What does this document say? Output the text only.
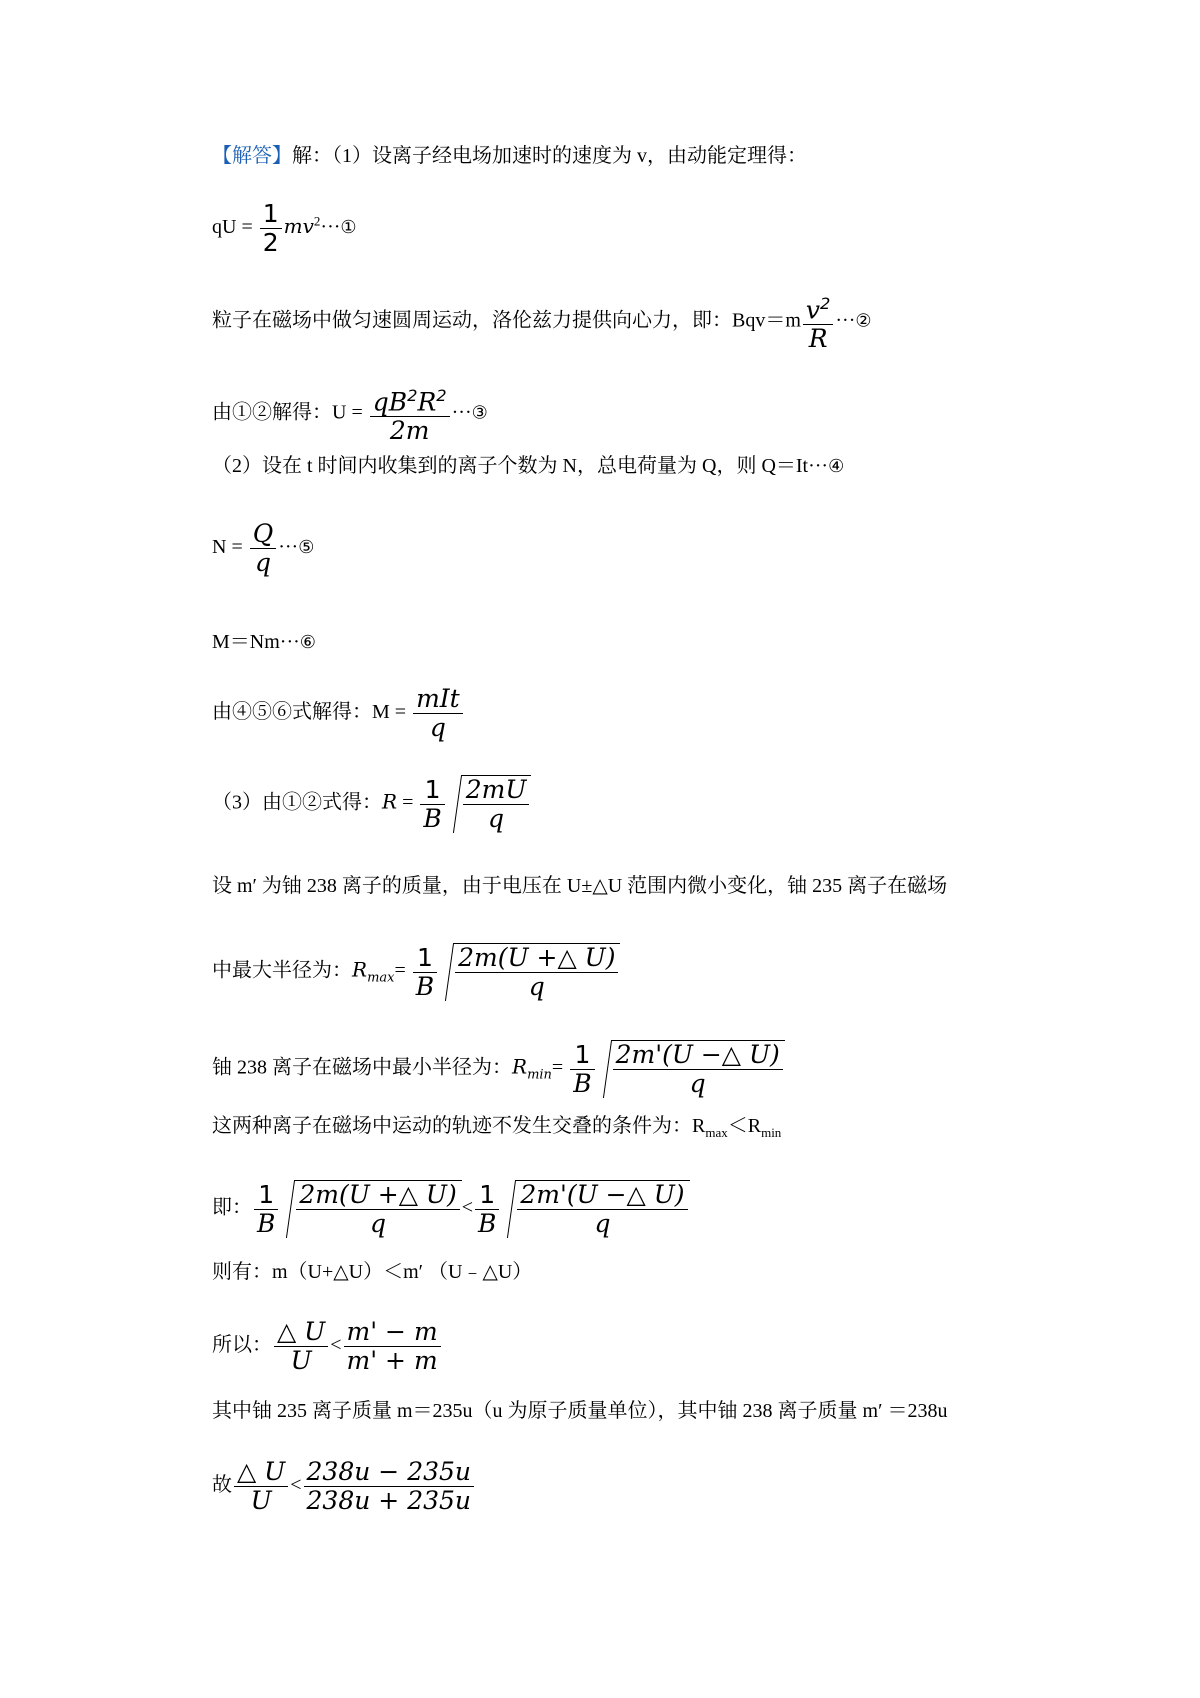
【解答】解：（1）设离子经电场加速时的速度为 v，由动能定理得：
qU = $\frac{1}{2}$ $mv^2\cdot\cdot\cdot ①$
粒子在磁场中做匀速圆周运动，洛伦兹力提供向心力，即：$Bqv=m \frac{v^2}{R}$ ···②
由①②解得：$U = \frac{qB^2R^2}{2m}$ ···③
（2）设在 t 时间内收集到的离子个数为 N，总电荷量为 Q，则 Q＝It···④
$N = \frac{Q}{q}$ ···⑤
M＝Nm···⑥
由④⑤⑥式解得：$M = \frac{\text{mIt}}{q}$
（3）由①②式得：$R = \frac{1}{B} \frac{2mU}{q}$
设 m′ 为铀 238 离子的质量，由于电压在 U±△U 范围内微小变化，铀 235 离子在磁场
中最大半径为：$R_{max}= \frac{1}{B} \frac{2m(U +\triangle U)}{q}$
铀 238 离子在磁场中最小半径为：$R_{min}= \frac{1}{B} \frac{2m'(U -\triangle U)}{q}$
这两种离子在磁场中运动的轨迹不发生交叠的条件为：$R_{max}<R_{min}$
即： $\frac{1}{B} \frac{2m(U +\triangle U)}{q} < \frac{1}{B} \frac{2m'(U -\triangle U)}{q}$
则有：m（U+△U）＜m′ （U﹣△U）
所以： $\frac{\triangle U}{U} < \frac{m' - m}{m' + m}$
其中铀 235 离子质量 m＝235u（u 为原子质量单位），其中铀 238 离子质量 m′ ＝238u
故 $\frac{\triangle U}{U} < \frac{238u - 235u}{238u + 235u}$
